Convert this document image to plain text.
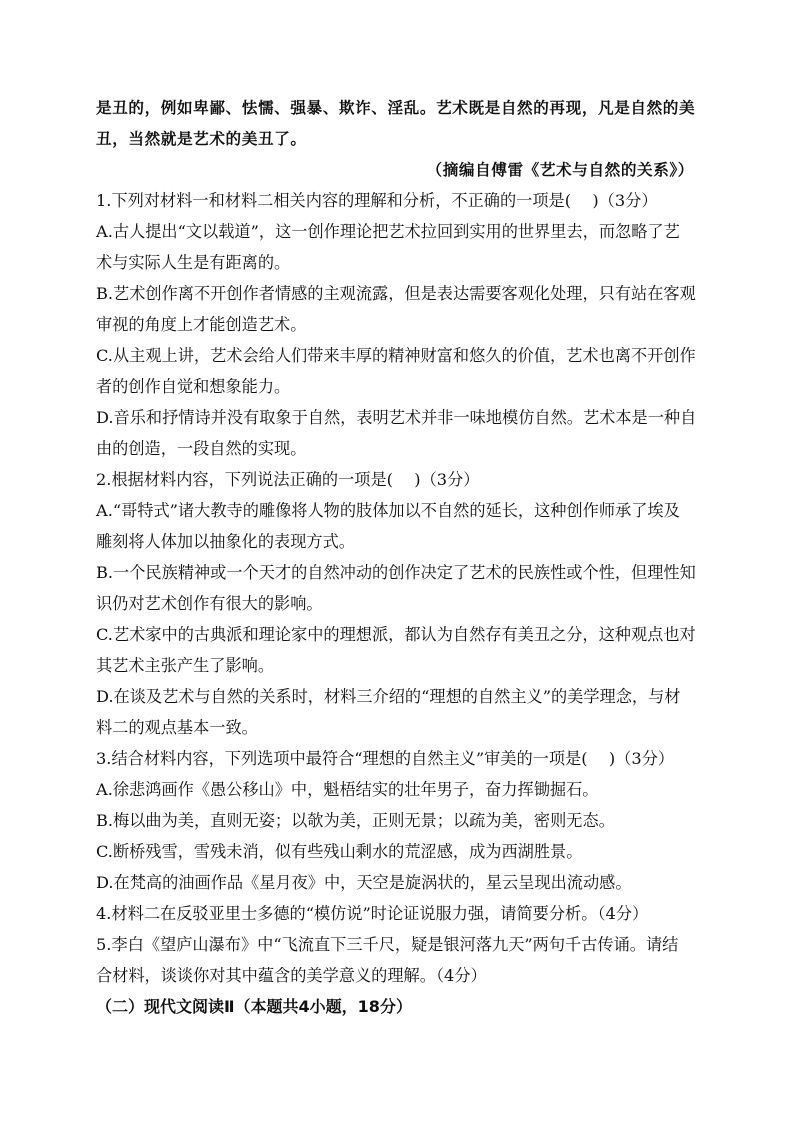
是丑的，例如卑鄙、怯懦、强暴、欺诈、淫乱。艺术既是自然的再现，凡是自然的美
丑，当然就是艺术的美丑了。
（摘编自傅雷《艺术与自然的关系》）
1.下列对材料一和材料二相关内容的理解和分析，不正确的一项是(　 )（3分）
A.古人提出“文以载道”，这一创作理论把艺术拉回到实用的世界里去，而忽略了艺
术与实际人生是有距离的。
B.艺术创作离不开创作者情感的主观流露，但是表达需要客观化处理，只有站在客观
审视的角度上才能创造艺术。
C.从主观上讲，艺术会给人们带来丰厚的精神财富和悠久的价值，艺术也离不开创作
者的创作自觉和想象能力。
D.音乐和抒情诗并没有取象于自然，表明艺术并非一味地模仿自然。艺术本是一种自
由的创造，一段自然的实现。
2.根据材料内容，下列说法正确的一项是(　 )（3分）
A.“哥特式”诸大教寺的雕像将人物的肢体加以不自然的延长，这种创作师承了埃及
雕刻将人体加以抽象化的表现方式。
B.一个民族精神或一个天才的自然冲动的创作决定了艺术的民族性或个性，但理性知
识仍对艺术创作有很大的影响。
C.艺术家中的古典派和理论家中的理想派，都认为自然存有美丑之分，这种观点也对
其艺术主张产生了影响。
D.在谈及艺术与自然的关系时，材料三介绍的“理想的自然主义”的美学理念，与材
料二的观点基本一致。
3.结合材料内容，下列选项中最符合“理想的自然主义”审美的一项是(　 )（3分）
A.徐悲鸿画作《愚公移山》中，魁梧结实的壮年男子，奋力挥锄掘石。
B.梅以曲为美，直则无姿；以欹为美，正则无景；以疏为美，密则无态。
C.断桥残雪，雪残未消，似有些残山剩水的荒涩感，成为西湖胜景。
D.在梵高的油画作品《星月夜》中，天空是旋涡状的，星云呈现出流动感。
4.材料二在反驳亚里士多德的“模仿说”时论证说服力强，请简要分析。（4分）
5.李白《望庐山瀑布》中“飞流直下三千尺，疑是银河落九天”两句千古传诵。请结
合材料，谈谈你对其中蕴含的美学意义的理解。（4分）
（二）现代文阅读Ⅱ（本题共4小题，18分）
